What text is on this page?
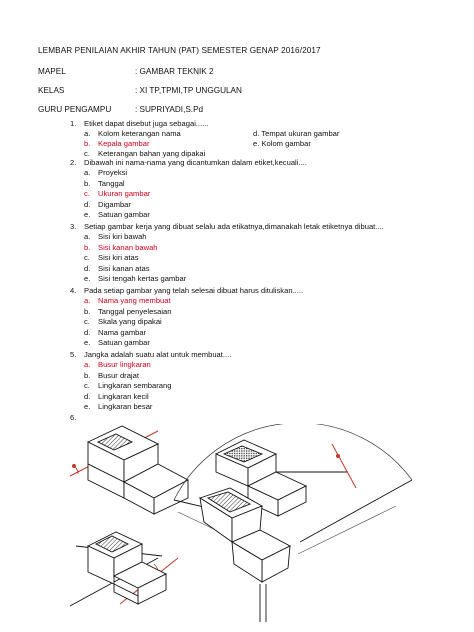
LEMBAR PENILAIAN AKHIR TAHUN (PAT) SEMESTER GENAP 2016/2017
MAPEL	: GAMBAR TEKNIK 2
KELAS	: XI TP,TPMI,TP UNGGULAN
GURU PENGAMPU	: SUPRIYADI,S.Pd
1. Etiket dapat disebut juga sebagai......
a. Kolom keterangan nama
b. Kepala gambar
c. Keterangan bahan yang dipakai
d. Tempat ukuran gambar
e. Kolom gambar
2. Dibawah ini nama-nama yang dicantumkan dalam etiket,kecuali....
a. Proyeksi
b. Tanggal
c. Ukuran gambar
d. Digambar
e. Satuan gambar
3. Setiap gambar kerja yang dibuat selalu ada etikatnya,dimanakah letak etiketnya dibuat....
a. Sisi kiri bawah
b. Sisi kanan bawah
c. Sisi kiri atas
d. Sisi kanan atas
e. Sisi tengah kertas gambar
4. Pada setiap gambar yang telah selesai dibuat harus dituliskan.....
a. Nama yang membuat
b. Tanggal penyelesaian
c. Skala yang dipakai
d. Nama gambar
e. Satuan gambar
5. Jangka adalah suatu alat untuk membuat....
a. Busur lingkaran
b. Busur drajat
c. Lingkaran sembarang
d. Lingkaran kecil
e. Lingkaran besar
6.
